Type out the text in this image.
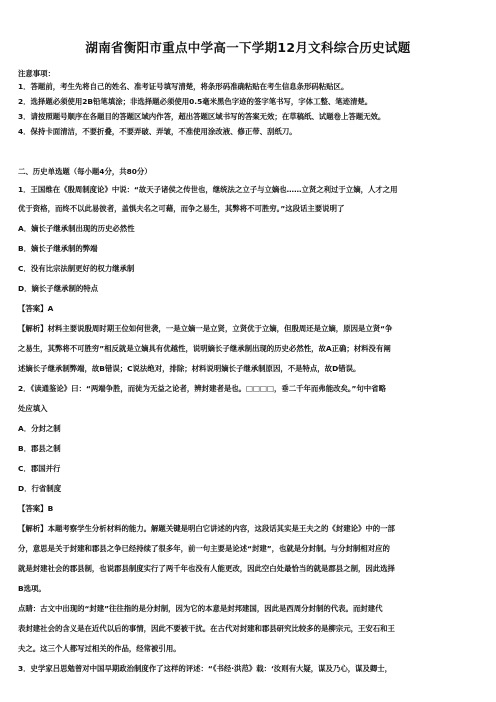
湖南省衡阳市重点中学高一下学期12月文科综合历史试题
注意事项：
1．答题前，考生先将自己的姓名、准考证号填写清楚，将条形码准确粘贴在考生信息条形码粘贴区。
2．选择题必须使用2B铅笔填涂；非选择题必须使用0.5毫米黑色字迹的签字笔书写，字体工整、笔迹清楚。
3．请按照题号顺序在各题目的答题区域内作答，超出答题区域书写的答案无效；在草稿纸、试题卷上答题无效。
4．保持卡面清洁，不要折叠，不要弄破、弄皱，不准使用涂改液、修正带、刮纸刀。
二、历史单选题（每小题4分，共80分）
1．王国维在《殷周制度论》中说：“故天子诸侯之传世也，继统法之立子与立嫡也……立贤之利过于立嫡，人才之用
优于资格，而终不以此易彼者，盖惧夫名之可藉，而争之易生，其弊将不可胜穷。”这段话主要说明了
A．嫡长子继承制出现的历史必然性
B．嫡长子继承制的弊端
C．没有比宗法制更好的权力继承制
D．嫡长子继承制的特点
【答案】A
【解析】材料主要说殷周时期王位如何世袭，一是立嫡一是立贤，立贤优于立嫡，但殷周还是立嫡，原因是立贤“争
之易生，其弊将不可胜穷”相反就是立嫡具有优越性，说明嫡长子继承制出现的历史必然性，故A正确；材料没有阐
述嫡长子继承制弊端，故B错误；C说法绝对，排除；材料说明嫡长子继承制原因，不是特点，故D错误。
2．《读通鉴论》曰：“两端争胜，而徒为无益之论者，辨封建者是也。□□□□，垂二千年而弗能改矣。”句中省略
处应填入
A．分封之制
B．郡县之制
C．郡国并行
D．行省制度
【答案】B
【解析】本题考察学生分析材料的能力。解题关键是明白它讲述的内容，这段话其实是王夫之的《封建论》中的一部
分，意思是关于封建和郡县之争已经持续了很多年，前一句主要是论述“封建”，也就是分封制。与分封制相对应的
就是封建社会的郡县制，也说郡县制度实行了两千年也没有人能更改，因此空白处最恰当的就是郡县之制，因此选择
B选项。
点睛：古文中出现的“封建”往往指的是分封制，因为它的本意是封邦建国，因此是西周分封制的代表。而封建代
表封建社会的含义是在近代以后的事情，因此不要被干扰。在古代对封建和郡县研究比较多的是柳宗元，王安石和王
夫之。这三个人都写过相关的作品，经常被引用。
3．史学家吕思勉曾对中国早期政治制度作了这样的评述：“《书经·洪范》载：‘汝则有大疑，谋及乃心，谋及卿士，
